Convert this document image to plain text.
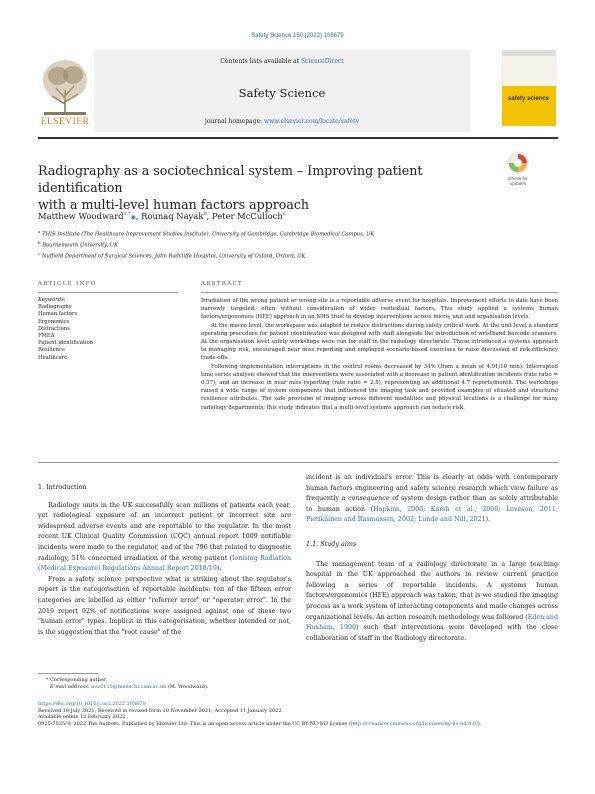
Safety Science 150 (2022) 105679
ELSEVIER
Contents lists available at ScienceDirect
Safety Science
journal homepage: www.elsevier.com/locate/safety
safety science
Radiography as a sociotechnical system – Improving patient identification
with a multi-level human factors approach
Check for
updates
Matthew Woodward$^{a,*}$◉, Rounaq Nayak$^b$, Peter McCulloch$^c$
$^a$ THIS Institute (The Healthcare Improvement Studies Institute), University of Cambridge, Cambridge Biomedical Campus, UK
$^b$ Bournemouth University, UK
$^c$ Nuffield Department of Surgical Sciences, John Radcliffe Hospital, University of Oxford, Oxford, UK
ARTICLE INFO	ABSTRACT
Keywords:
Radiography
Human factors
Ergonomics
Distractions
FMEA
Patient identification
Resilience
Healthcare

Irradiation of the wrong patient or wrong site is a reportable adverse event for hospitals. Improvement efforts to date have been narrowly targeted, often without consideration of wider contextual factors. This study applied a systems human factors/ergonomics (HFE) approach in an NHS trust to develop interventions across micro, unit and organisation levels.

At the macro level, the workspace was adapted to reduce distractions during safety critical work. At the unit level a standard operating procedure for patient identification was designed with staff alongside the introduction of wristband barcode scanners. At the organisation level safety workshops were run for staff in the radiology directorate. These introduced a systems approach to managing risk, encouraged near miss reporting and employed scenario-based exercises to raise discussion of risk-efficiency trade-offs.

Following implementation interruptions in the control rooms decreased by 34% (from a mean of 4.91/10 min). Interrupted time series analysis showed that the interventions were associated with a decrease in patient identification incidents (rate ratio = 0.37), and an increase in near miss reporting (rate ratio = 2.5), representing an additional 4.7 reports/month. The workshops raised a wide range of system components that influenced the imaging task and provided examples of situated and structural resilience attributes. The safe provision of imaging across different modalities and physical locations is a challenge for many radiology departments; this study indicates that a multi-level systems approach can reduce risk.

1. Introduction

Radiology units in the UK successfully scan millions of patients each year, yet radiological exposure of an incorrect patient or incorrect site are widespread adverse events and are reportable to the regulator. In the most recent UK Clinical Quality Commission (CQC) annual report 1009 notifiable incidents were made to the regulator, and of the 796 that related to diagnostic radiology, 51% concerned irradiation of the wrong patient (Ionising Radiation (Medical Exposure) Regulations Annual Report 2018/19).

From a safety science perspective what is striking about the regulator's report is the categorisation of reportable incidents: ten of the fifteen error categories are labelled as either "referrer error" or "operator error". In the 2019 report 92% of notifications were assigned against one of these two "human error" types. Implicit in this categorisation, whether intended or not, is the suggestion that the "root cause" of the

incident is an individual's error. This is clearly at odds with contemporary human factors engineering and safety science research which view failure as frequently a consequence of system design rather than as solely attributable to human action (Hopkins, 2006; Karsh et al., 2006; Leveson, 2011; Pietikäinen and Rasmussen, 2002; Lunde and Nill, 2021).

1.1. Study aims

The management team of a radiology directorate in a large teaching hospital in the UK approached the authors to review current practice following a series of reportable incidents. A systems human factors/ergonomics (HFE) approach was taken, that is we studied the imaging process as a work system of interacting components and made changes across organizational levels. An action research methodology was followed (Eden and Huxham, 1996) such that interventions were developed with the close collaboration of staff in the Radiology directorate.

* Corresponding author.
E-mail address: mw2115@medschl.cam.ac.uk (M. Woodward).
https://doi.org/10.1016/j.ssci.2022.105679
Received 10 July 2021; Received in revised form 10 November 2021; Accepted 11 January 2022
Available online 12 February 2022
0925-7535/© 2022 The Authors. Published by Elsevier Ltd. This is an open access article under the CC BY-NC-ND license (http://creativecommons.org/licenses/by-nc-nd/4.0/).
